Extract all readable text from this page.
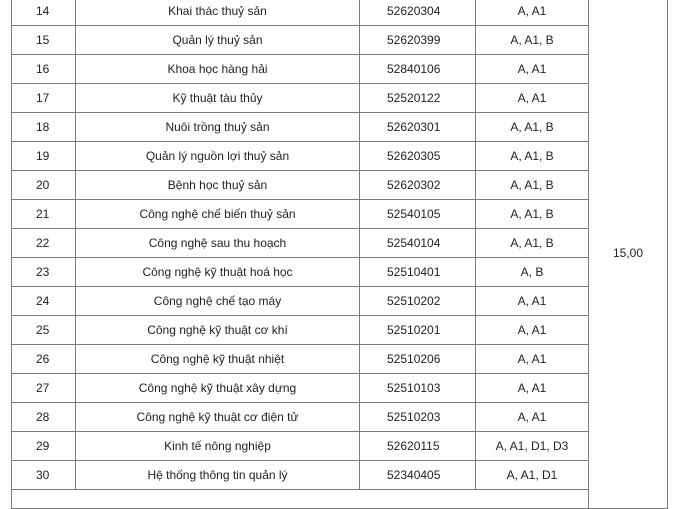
14	Khai thác thuỷ sản	52620304	A, A1	15,00
15	Quản lý thuỷ sản	52620399	A, A1, B	
16	Khoa học hàng hải	52840106	A, A1	
17	Kỹ thuật tàu thủy	52520122	A, A1	
18	Nuôi trồng thuỷ sản	52620301	A, A1, B	
19	Quản lý nguồn lợi thuỷ sản	52620305	A, A1, B	
20	Bệnh học thuỷ sản	52620302	A, A1, B	
21	Công nghệ chế biến thuỷ sản	52540105	A, A1, B	
22	Công nghệ sau thu hoạch	52540104	A, A1, B	
23	Công nghệ kỹ thuật hoá học	52510401	A, B	
24	Công nghệ chế tạo máy	52510202	A, A1	
25	Công nghệ kỹ thuật cơ khí	52510201	A, A1	
26	Công nghệ kỹ thuật nhiệt	52510206	A, A1	
27	Công nghệ kỹ thuật xây dựng	52510103	A, A1	
28	Công nghệ kỹ thuật cơ điện tử	52510203	A, A1	
29	Kinh tế nông nghiệp	52620115	A, A1, D1, D3	
30	Hệ thống thông tin quản lý	52340405	A, A1, D1	
